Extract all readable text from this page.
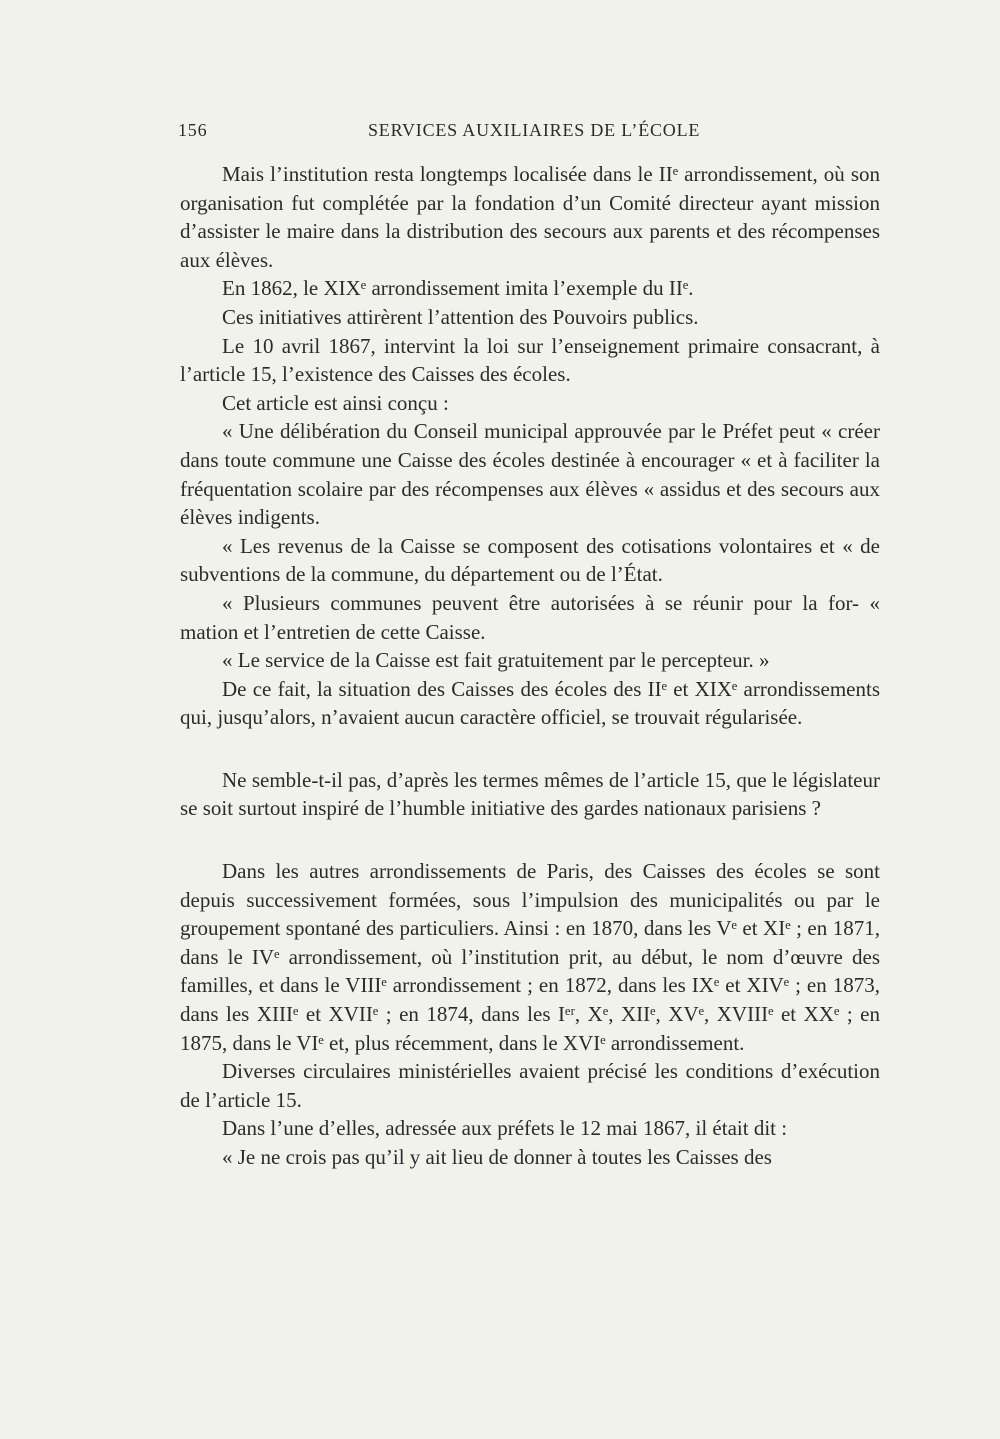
156	SERVICES AUXILIAIRES DE L’ÉCOLE

Mais l’institution resta longtemps localisée dans le IIᵉ arrondissement, où son organisation fut complétée par la fondation d’un Comité directeur ayant mission d’assister le maire dans la distribution des secours aux parents et des récompenses aux élèves.

En 1862, le XIXᵉ arrondissement imita l’exemple du IIᵉ.

Ces initiatives attirèrent l’attention des Pouvoirs publics.

Le 10 avril 1867, intervint la loi sur l’enseignement primaire consacrant, à l’article 15, l’existence des Caisses des écoles.

Cet article est ainsi conçu :

« Une délibération du Conseil municipal approuvée par le Préfet peut « créer dans toute commune une Caisse des écoles destinée à encourager « et à faciliter la fréquentation scolaire par des récompenses aux élèves « assidus et des secours aux élèves indigents.

« Les revenus de la Caisse se composent des cotisations volontaires et « de subventions de la commune, du département ou de l’État.

« Plusieurs communes peuvent être autorisées à se réunir pour la for- « mation et l’entretien de cette Caisse.

« Le service de la Caisse est fait gratuitement par le percepteur. »

De ce fait, la situation des Caisses des écoles des IIᵉ et XIXᵉ arrondissements qui, jusqu’alors, n’avaient aucun caractère officiel, se trouvait régularisée.

Ne semble-t-il pas, d’après les termes mêmes de l’article 15, que le législateur se soit surtout inspiré de l’humble initiative des gardes nationaux parisiens ?

Dans les autres arrondissements de Paris, des Caisses des écoles se sont depuis successivement formées, sous l’impulsion des municipalités ou par le groupement spontané des particuliers. Ainsi : en 1870, dans les Vᵉ et XIᵉ ; en 1871, dans le IVᵉ arrondissement, où l’institution prit, au début, le nom d’œuvre des familles, et dans le VIIIᵉ arrondissement ; en 1872, dans les IXᵉ et XIVᵉ ; en 1873, dans les XIIIᵉ et XVIIᵉ ; en 1874, dans les Iᵉʳ, Xᵉ, XIIᵉ, XVᵉ, XVIIIᵉ et XXᵉ ; en 1875, dans le VIᵉ et, plus récemment, dans le XVIᵉ arrondissement.

Diverses circulaires ministérielles avaient précisé les conditions d’exécution de l’article 15.

Dans l’une d’elles, adressée aux préfets le 12 mai 1867, il était dit :

« Je ne crois pas qu’il y ait lieu de donner à toutes les Caisses des
